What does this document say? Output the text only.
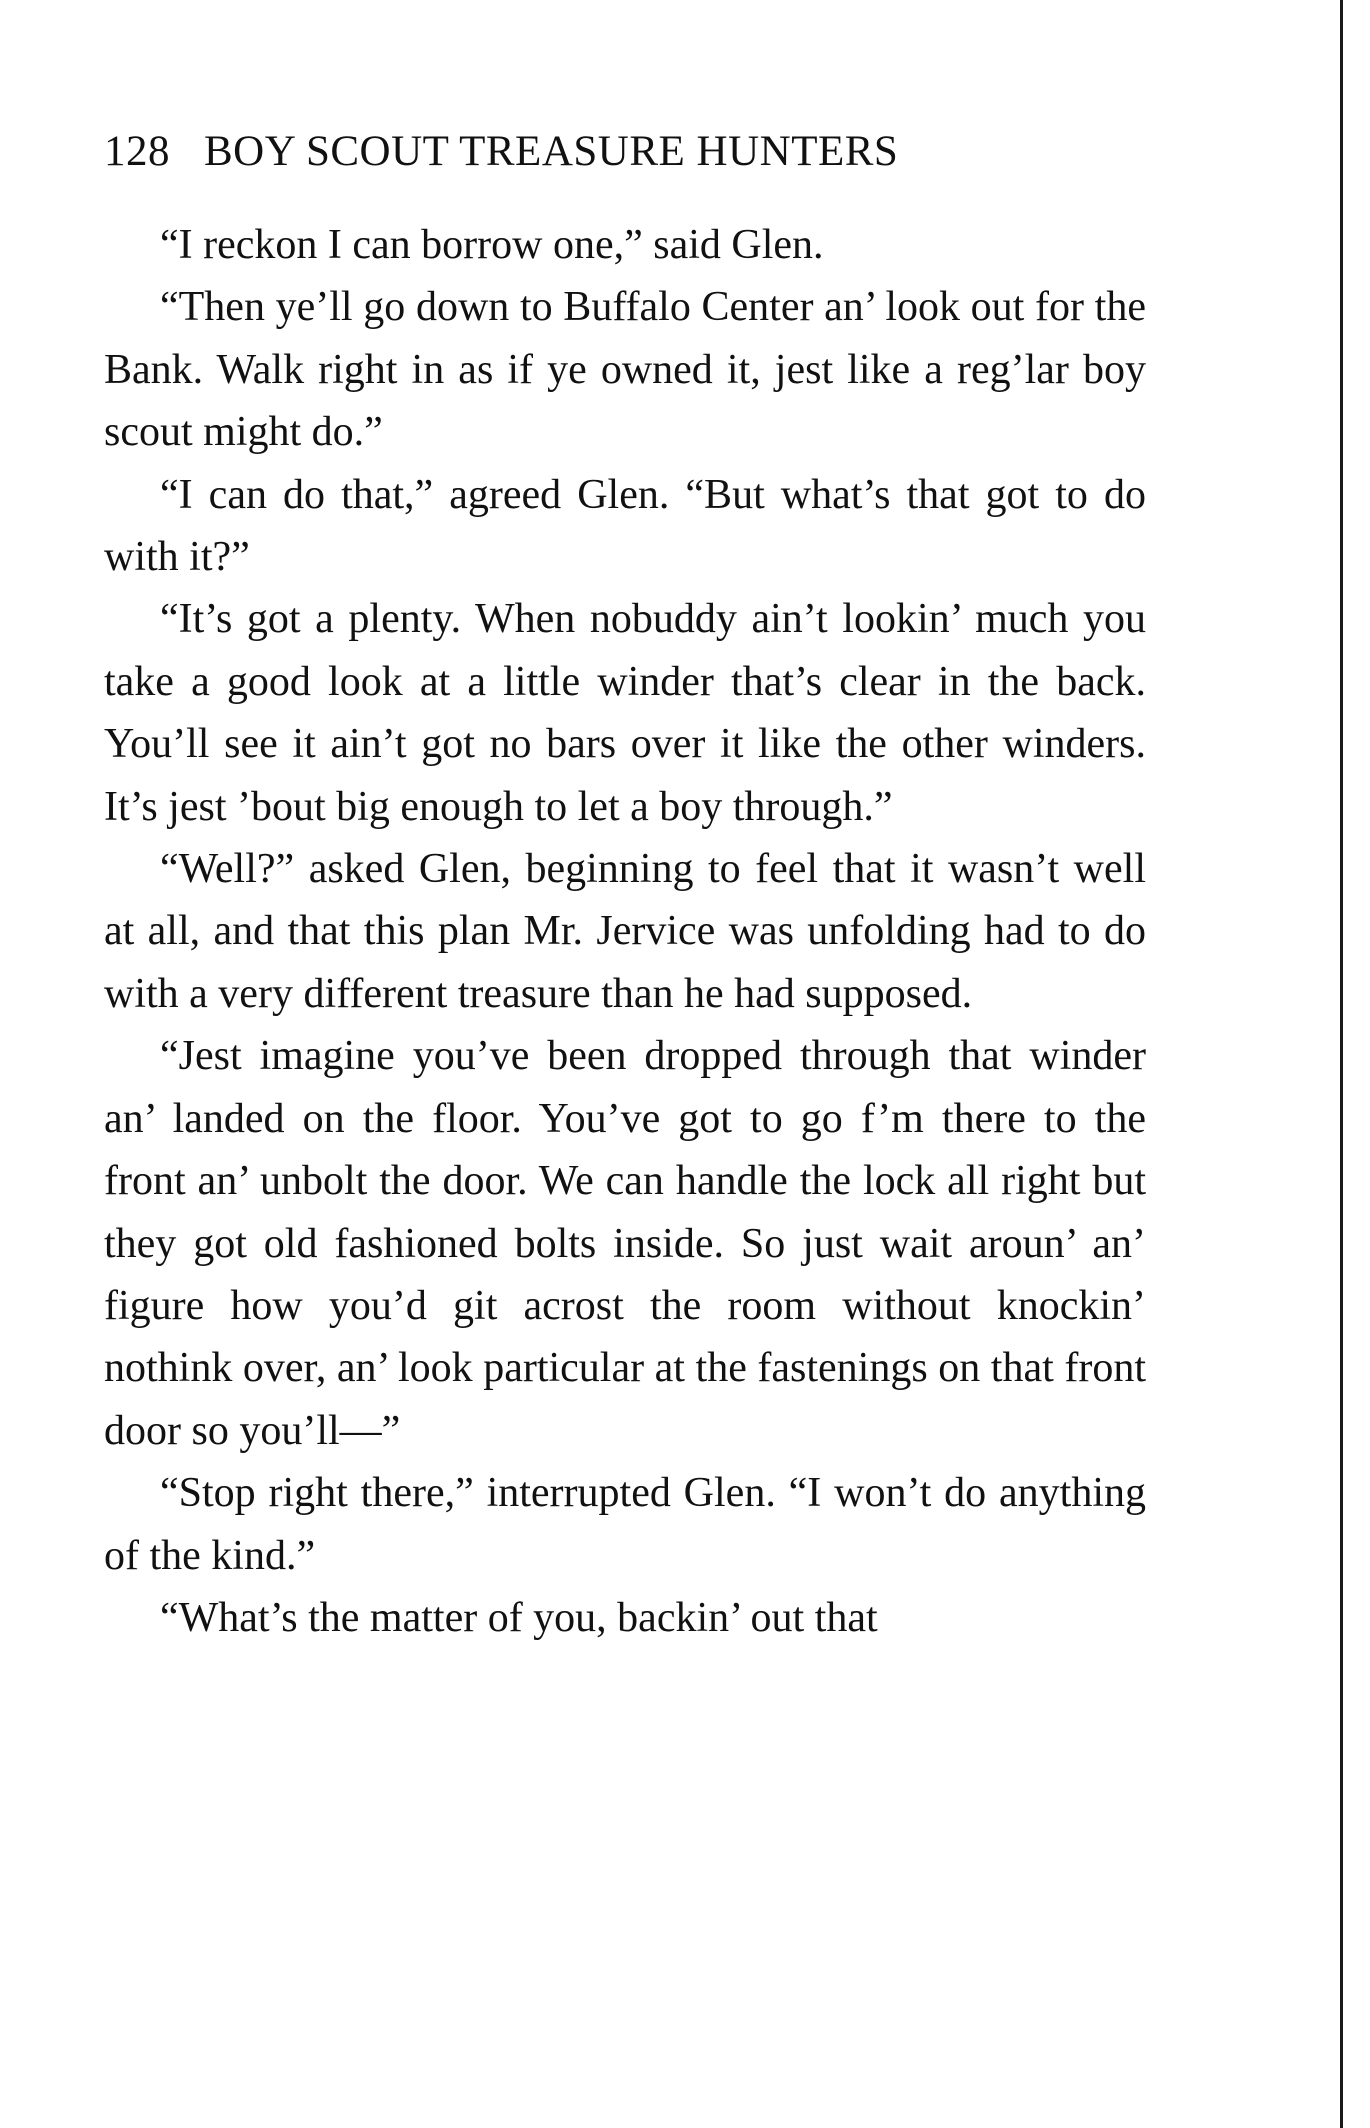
128 BOY SCOUT TREASURE HUNTERS

“I reckon I can borrow one,” said Glen.

“Then ye’ll go down to Buffalo Center an’ look out for the Bank. Walk right in as if ye owned it, jest like a reg’lar boy scout might do.”

“I can do that,” agreed Glen. “But what’s that got to do with it?”

“It’s got a plenty. When nobuddy ain’t lookin’ much you take a good look at a little winder that’s clear in the back. You’ll see it ain’t got no bars over it like the other winders. It’s jest ’bout big enough to let a boy through.”

“Well?” asked Glen, beginning to feel that it wasn’t well at all, and that this plan Mr. Jervice was unfolding had to do with a very different treasure than he had supposed.

“Jest imagine you’ve been dropped through that winder an’ landed on the floor. You’ve got to go f’m there to the front an’ unbolt the door. We can handle the lock all right but they got old fashioned bolts inside. So just wait aroun’ an’ figure how you’d git acrost the room without knockin’ nothink over, an’ look particular at the fastenings on that front door so you’ll—”

“Stop right there,” interrupted Glen. “I won’t do anything of the kind.”

“What’s the matter of you, backin’ out that
